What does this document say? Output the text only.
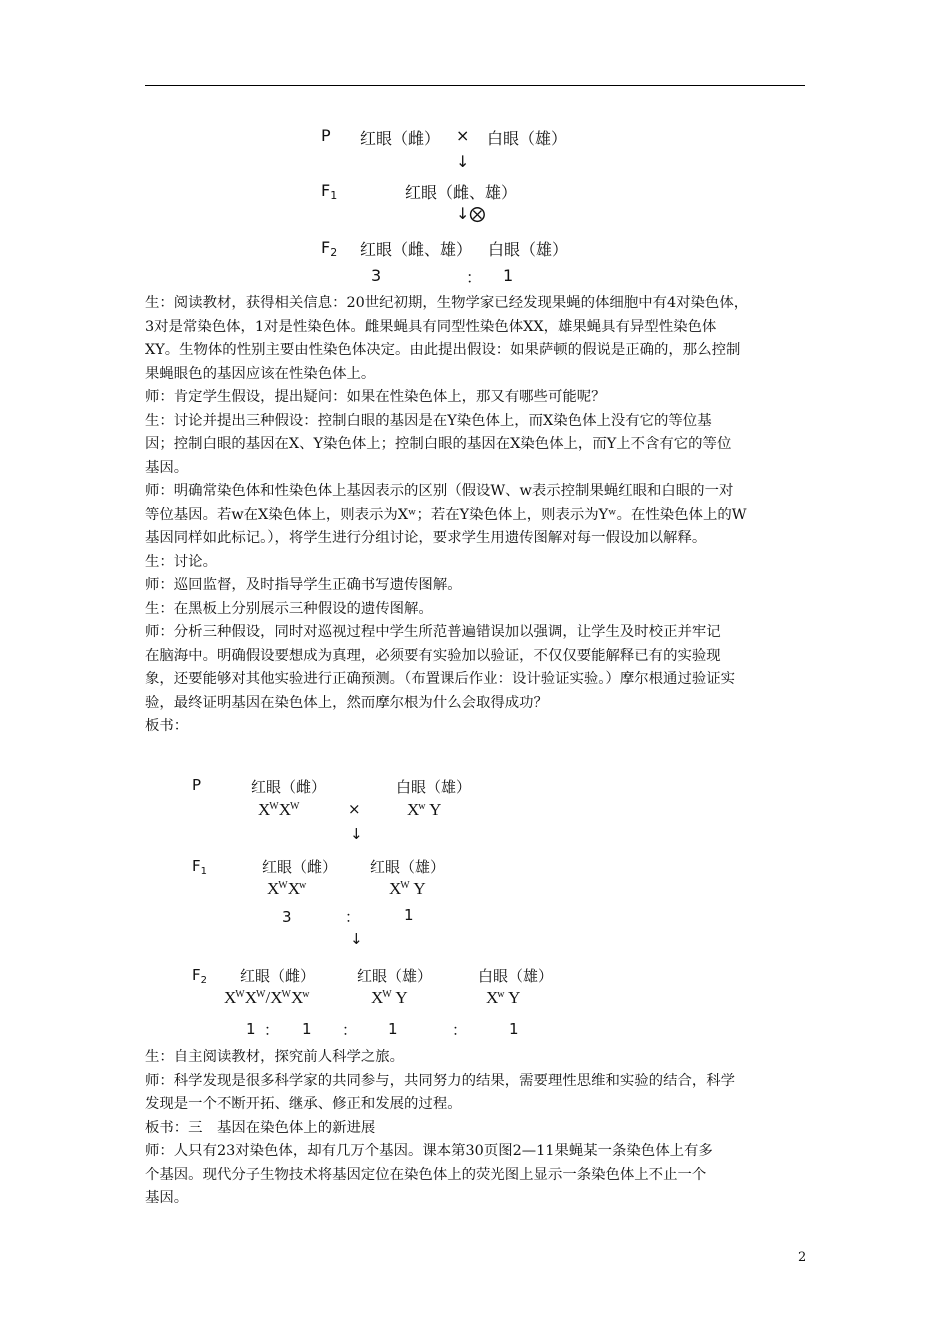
P 红眼（雌） × 白眼（雄）
↓
$F_1$	红眼（雌、雄）
↓⨂
$F_2$ 红眼（雌、雄） 白眼（雄）
3	： 1

生：阅读教材，获得相关信息：20世纪初期，生物学家已经发现果蝇的体细胞中有4对染色体，

3对是常染色体，1对是性染色体。雌果蝇具有同型性染色体XX，雄果蝇具有异型性染色体

XY。生物体的性别主要由性染色体决定。由此提出假设：如果萨顿的假说是正确的，那么控制

果蝇眼色的基因应该在性染色体上。

师：肯定学生假设，提出疑问：如果在性染色体上，那又有哪些可能呢？

生：讨论并提出三种假设：控制白眼的基因是在Y染色体上，而X染色体上没有它的等位基

因；控制白眼的基因在X、Y染色体上；控制白眼的基因在X染色体上，而Y上不含有它的等位

基因。

师：明确常染色体和性染色体上基因表示的区别（假设W、w表示控制果蝇红眼和白眼的一对

等位基因。若w在X染色体上，则表示为Xʷ；若在Y染色体上，则表示为Yʷ。在性染色体上的W

基因同样如此标记。），将学生进行分组讨论，要求学生用遗传图解对每一假设加以解释。

生：讨论。

师：巡回监督，及时指导学生正确书写遗传图解。

生：在黑板上分别展示三种假设的遗传图解。

师：分析三种假设，同时对巡视过程中学生所范普遍错误加以强调，让学生及时校正并牢记

在脑海中。明确假设要想成为真理，必须要有实验加以验证，不仅仅要能解释已有的实验现

象，还要能够对其他实验进行正确预测。（布置课后作业：设计验证实验。）摩尔根通过验证实

验，最终证明基因在染色体上，然而摩尔根为什么会取得成功？

板书：

P	红眼（雌）	白眼（雄）
$X^WX^W$	×	$X^w$ Y
↓
$F_1$	红眼（雌） 红眼（雄）
$X^WX^w$	$X^W$ Y
3	：	1
↓
$F_2$ 红眼（雌）	红眼（雄）	白眼（雄）
$X^WX^W/X^WX^w$	$X^W$ Y	$X^w$ Y
1 ： 1 ： 1	：	1

生：自主阅读教材，探究前人科学之旅。

师：科学发现是很多科学家的共同参与，共同努力的结果，需要理性思维和实验的结合，科学

发现是一个不断开拓、继承、修正和发展的过程。

板书：三　基因在染色体上的新进展

师：人只有23对染色体，却有几万个基因。课本第30页图2—11果蝇某一条染色体上有多

个基因。现代分子生物技术将基因定位在染色体上的荧光图上显示一条染色体上不止一个

基因。

2
